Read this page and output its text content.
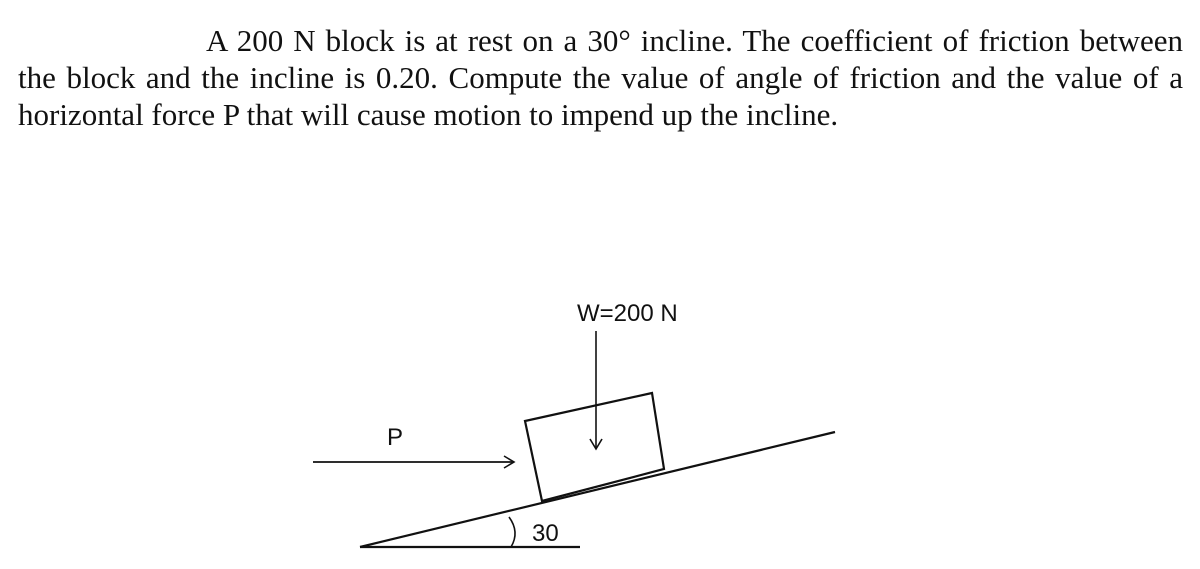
A 200 N block is at rest on a 30° incline. The coefficient of friction between the block and the incline is 0.20. Compute the value of angle of friction and the value of a horizontal force P that will cause motion to impend up the incline.

30
W=200 N
P
